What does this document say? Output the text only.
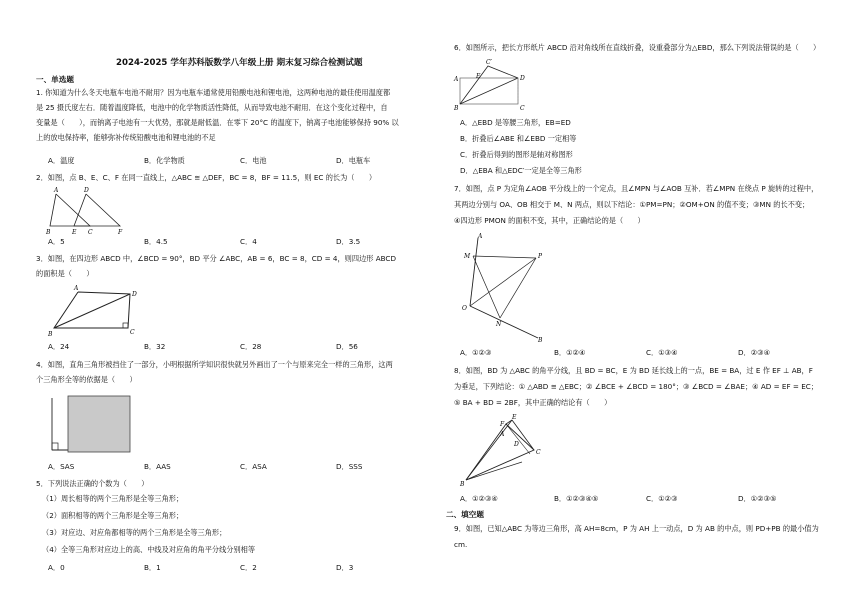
2024-2025 学年苏科版数学八年级上册 期末复习综合检测试题
一、单选题
1. 你知道为什么冬天电瓶车电池不耐用？因为电瓶车通常使用铅酸电池和锂电池，这两种电池的最佳使用温度都
是 25 摄氏度左右．随着温度降低，电池中的化学物质活性降低，从而导致电池不耐用．在这个变化过程中，自
变量是（　　），而钠离子电池有一大优势，那就是耐低温．在零下 20°C 的温度下，钠离子电池能够保持 90% 以
上的放电保持率，能够弥补传统铅酸电池和锂电池的不足
A．温度	B．化学物质	C．电池	D．电瓶车
2．如图，点 B、E、C、F 在同一直线上，△ABC ≅ △DEF，BC = 8，BF = 11.5，则 EC 的长为（　　）
A	D
B	E C	F
A．5	B．4.5	C．4	D．3.5
3．如图，在四边形 ABCD 中，∠BCD = 90°，BD 平分 ∠ABC，AB = 6，BC = 8，CD = 4，则四边形 ABCD
的面积是（　　）
A
D
B	C
A．24	B．32	C．28	D．56
4．如图，直角三角形被挡住了一部分，小明根据所学知识很快就另外画出了一个与原来完全一样的三角形，这两
个三角形全等的依据是（　　）
A．SAS	B．AAS	C．ASA	D．SSS
5．下列说法正确的个数为（　　）
（1）周长相等的两个三角形是全等三角形；
（2）面积相等的两个三角形是全等三角形；
（3）对应边、对应角都相等的两个三角形是全等三角形；
（4）全等三角形对应边上的高、中线及对应角的角平分线分别相等
A．0	B．1	C．2	D．3
6．如图所示，把长方形纸片 ABCD 沿对角线所在直线折叠，设重叠部分为△EBD，那么下列说法错误的是（　　）
C′
A	E	D
B	C
A．△EBD 是等腰三角形，EB=ED
B．折叠后∠ABE 和∠EBD 一定相等
C．折叠后得到的图形是轴对称图形
D．△EBA 和△EDC′一定是全等三角形
7．如图，点 P 为定角∠AOB 平分线上的一个定点，且∠MPN 与∠AOB 互补．若∠MPN 在绕点 P 旋转的过程中，
其两边分别与 OA、OB 相交于 M、N 两点，则以下结论：①PM=PN；②OM+ON 的值不变；③MN 的长不变；
④四边形 PMON 的面积不变，其中，正确结论的是（　　）
A
M	P
O
N
B
A．①②③	B．①②④	C．①③④	D．②③④
8．如图，BD 为 △ABC 的角平分线，且 BD = BC，E 为 BD 延长线上的一点，BE = BA，过 E 作 EF ⊥ AB，F
为垂足，下列结论：① △ABD ≅ △EBC；② ∠BCE + ∠BCD = 180°；③ ∠BCD = ∠BAE；④ AD = EF = EC；
⑤ BA + BD = 2BF，其中正确的结论有（　　）
F
E
A
D
B
C
A．①②③④	B．①②③④⑤	C．①②③	D．①②③⑤
二、填空题
9．如图，已知△ABC 为等边三角形，高 AH=8cm，P 为 AH 上一动点，D 为 AB 的中点，则 PD+PB 的最小值为
cm.
